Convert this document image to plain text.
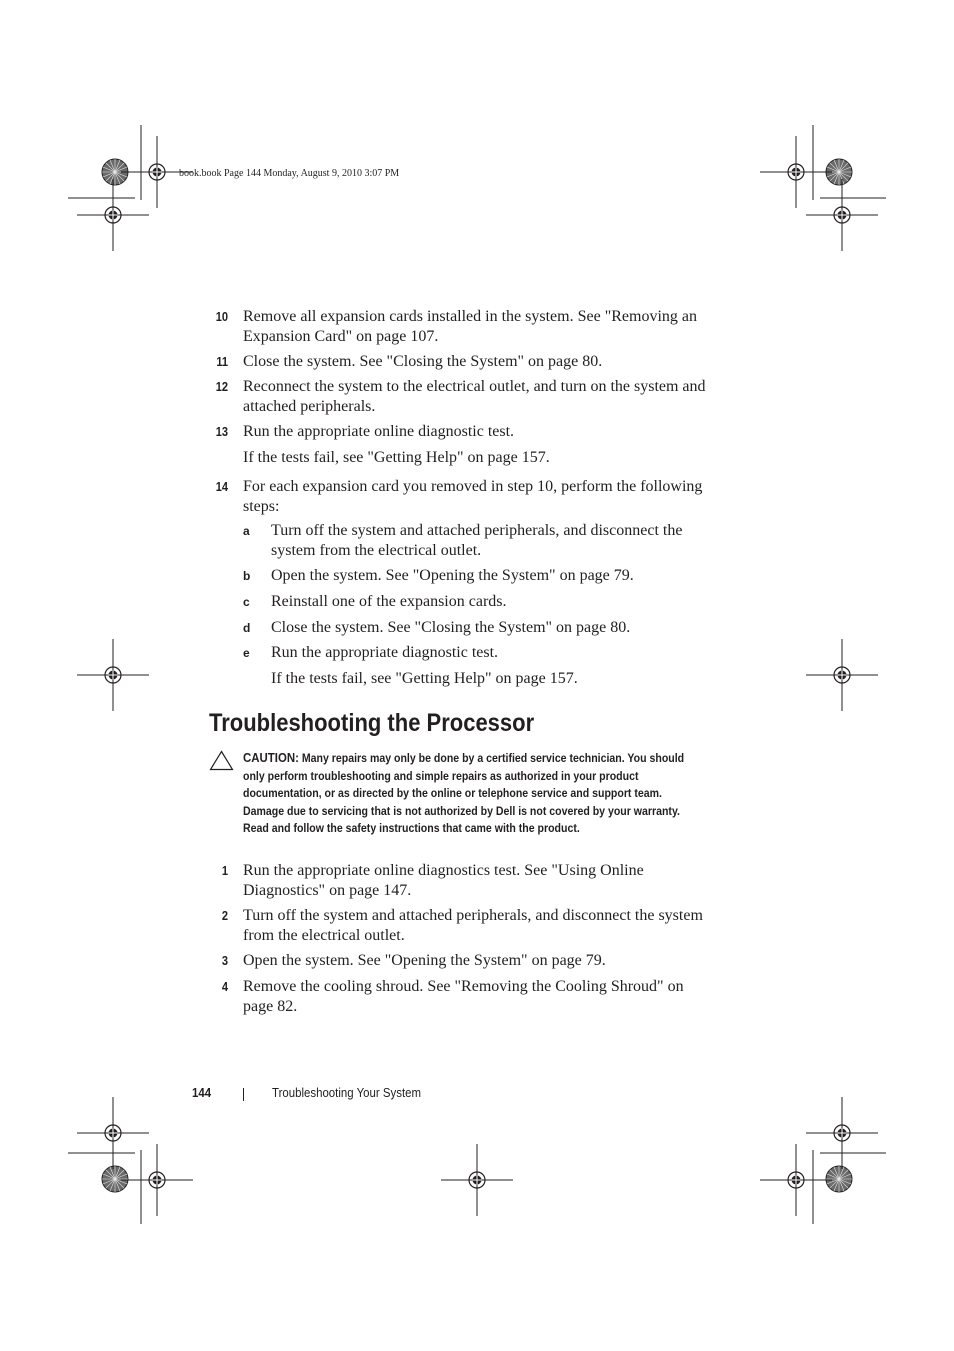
book.book Page 144 Monday, August 9, 2010 3:07 PM
10 Remove all expansion cards installed in the system. See "Removing an Expansion Card" on page 107.
11 Close the system. See "Closing the System" on page 80.
12 Reconnect the system to the electrical outlet, and turn on the system and attached peripherals.
13 Run the appropriate online diagnostic test.
If the tests fail, see "Getting Help" on page 157.
14 For each expansion card you removed in step 10, perform the following steps:
a	Turn off the system and attached peripherals, and disconnect the system from the electrical outlet.
b Open the system. See "Opening the System" on page 79.
c	Reinstall one of the expansion cards.
d Close the system. See "Closing the System" on page 80.
e	Run the appropriate diagnostic test.
If the tests fail, see "Getting Help" on page 157.
Troubleshooting the Processor
CAUTION: Many repairs may only be done by a certified service technician. You should only perform troubleshooting and simple repairs as authorized in your product documentation, or as directed by the online or telephone service and support team. Damage due to servicing that is not authorized by Dell is not covered by your warranty. Read and follow the safety instructions that came with the product.
1 Run the appropriate online diagnostics test. See "Using Online Diagnostics" on page 147.
2 Turn off the system and attached peripherals, and disconnect the system from the electrical outlet.
3 Open the system. See "Opening the System" on page 79.
4 Remove the cooling shroud. See "Removing the Cooling Shroud" on page 82.
144	Troubleshooting Your System
